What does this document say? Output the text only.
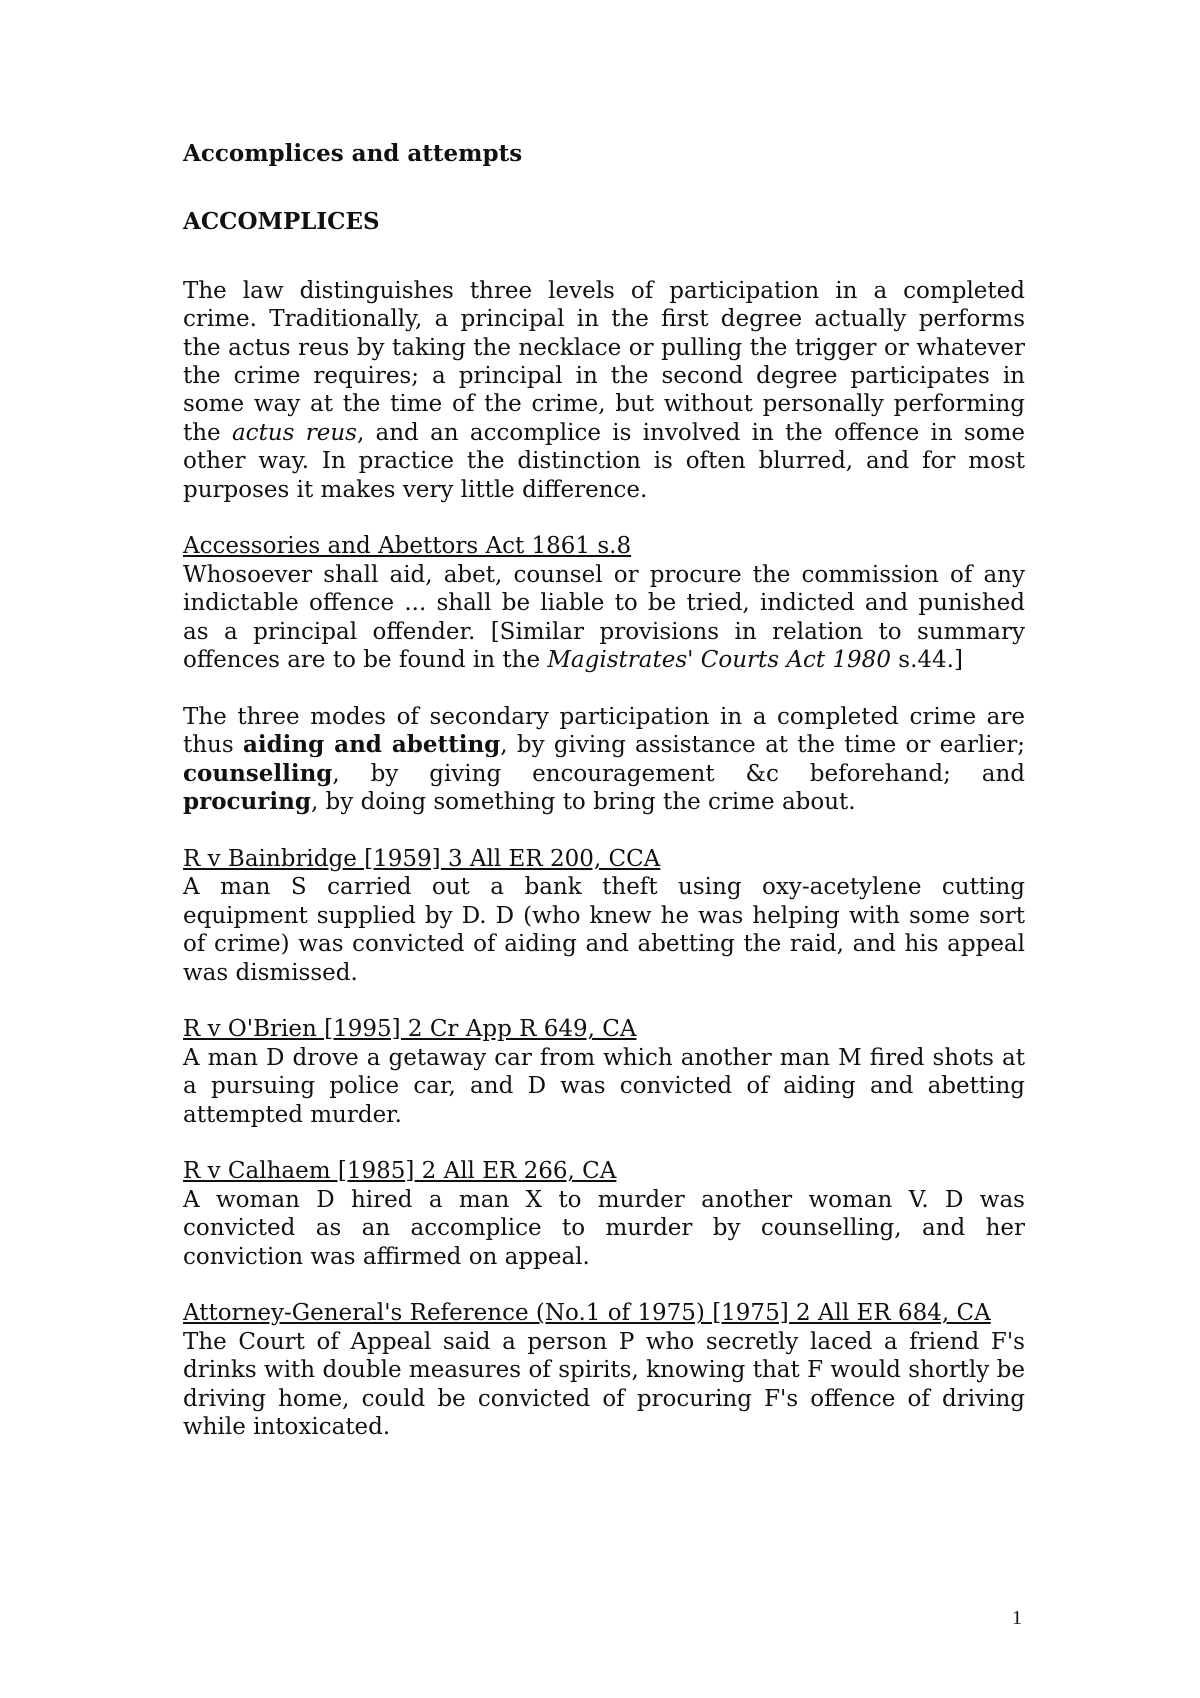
Accomplices and attempts

ACCOMPLICES

The law distinguishes three levels of participation in a completed crime. Traditionally, a principal in the first degree actually performs the actus reus by taking the necklace or pulling the trigger or whatever the crime requires; a principal in the second degree participates in some way at the time of the crime, but without personally performing the actus reus, and an accomplice is involved in the offence in some other way. In practice the distinction is often blurred, and for most purposes it makes very little difference.

Accessories and Abettors Act 1861 s.8

Whosoever shall aid, abet, counsel or procure the commission of any indictable offence ... shall be liable to be tried, indicted and punished as a principal offender. [Similar provisions in relation to summary offences are to be found in the Magistrates' Courts Act 1980 s.44.]

The three modes of secondary participation in a completed crime are thus aiding and abetting, by giving assistance at the time or earlier; counselling, by giving encouragement &c beforehand; and procuring, by doing something to bring the crime about.

R v Bainbridge [1959] 3 All ER 200, CCA

A man S carried out a bank theft using oxy-acetylene cutting equipment supplied by D. D (who knew he was helping with some sort of crime) was convicted of aiding and abetting the raid, and his appeal was dismissed.

R v O'Brien [1995] 2 Cr App R 649, CA

A man D drove a getaway car from which another man M fired shots at a pursuing police car, and D was convicted of aiding and abetting attempted murder.

R v Calhaem [1985] 2 All ER 266, CA

A woman D hired a man X to murder another woman V. D was convicted as an accomplice to murder by counselling, and her conviction was affirmed on appeal.

Attorney-General's Reference (No.1 of 1975) [1975] 2 All ER 684, CA

The Court of Appeal said a person P who secretly laced a friend F's drinks with double measures of spirits, knowing that F would shortly be driving home, could be convicted of procuring F's offence of driving while intoxicated.

1
